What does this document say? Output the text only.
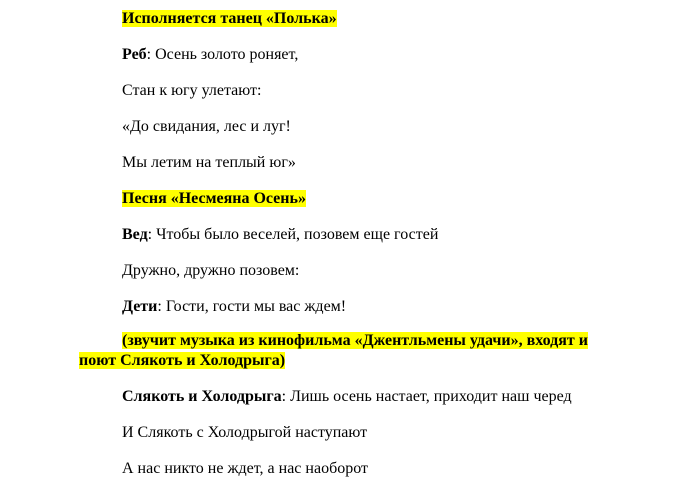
Исполняется танец «Полька»
Реб: Осень золото роняет,
Стан к югу улетают:
«До свидания, лес и луг!
Мы летим на теплый юг»
Песня «Несмеяна Осень»
Вед: Чтобы было веселей, позовем еще гостей
Дружно, дружно позовем:
Дети: Гости, гости мы вас ждем!
(звучит музыка из кинофильма «Джентльмены удачи», входят и
поют Слякоть и Холодрыга)
Слякоть и Холодрыга: Лишь осень настает, приходит наш черед
И Слякоть с Холодрыгой наступают
А нас никто не ждет, а нас наоборот
